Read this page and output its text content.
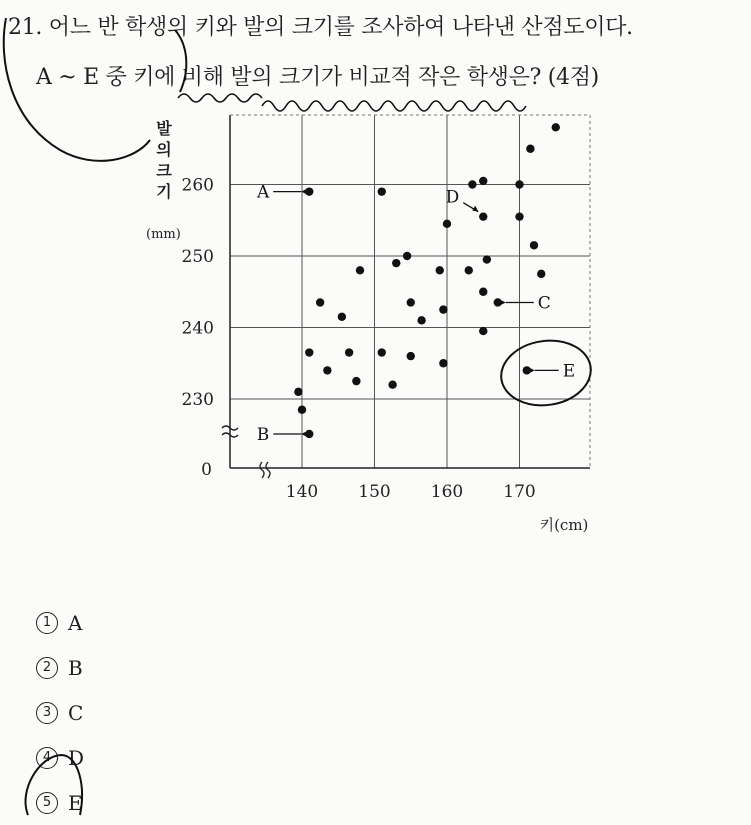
21. 어느 반 학생의 키와 발의 크기를 조사하여 나타낸 산점도이다.
A ~ E 중 키에 비해 발의 크기가 비교적 작은 학생은? (4점)
발
의
크
기
(mm)
140 150 160 170
230
240
250
260
0
키(cm)
A
B
C
D
E
1 A
2 B
3 C
4 D
5 E
